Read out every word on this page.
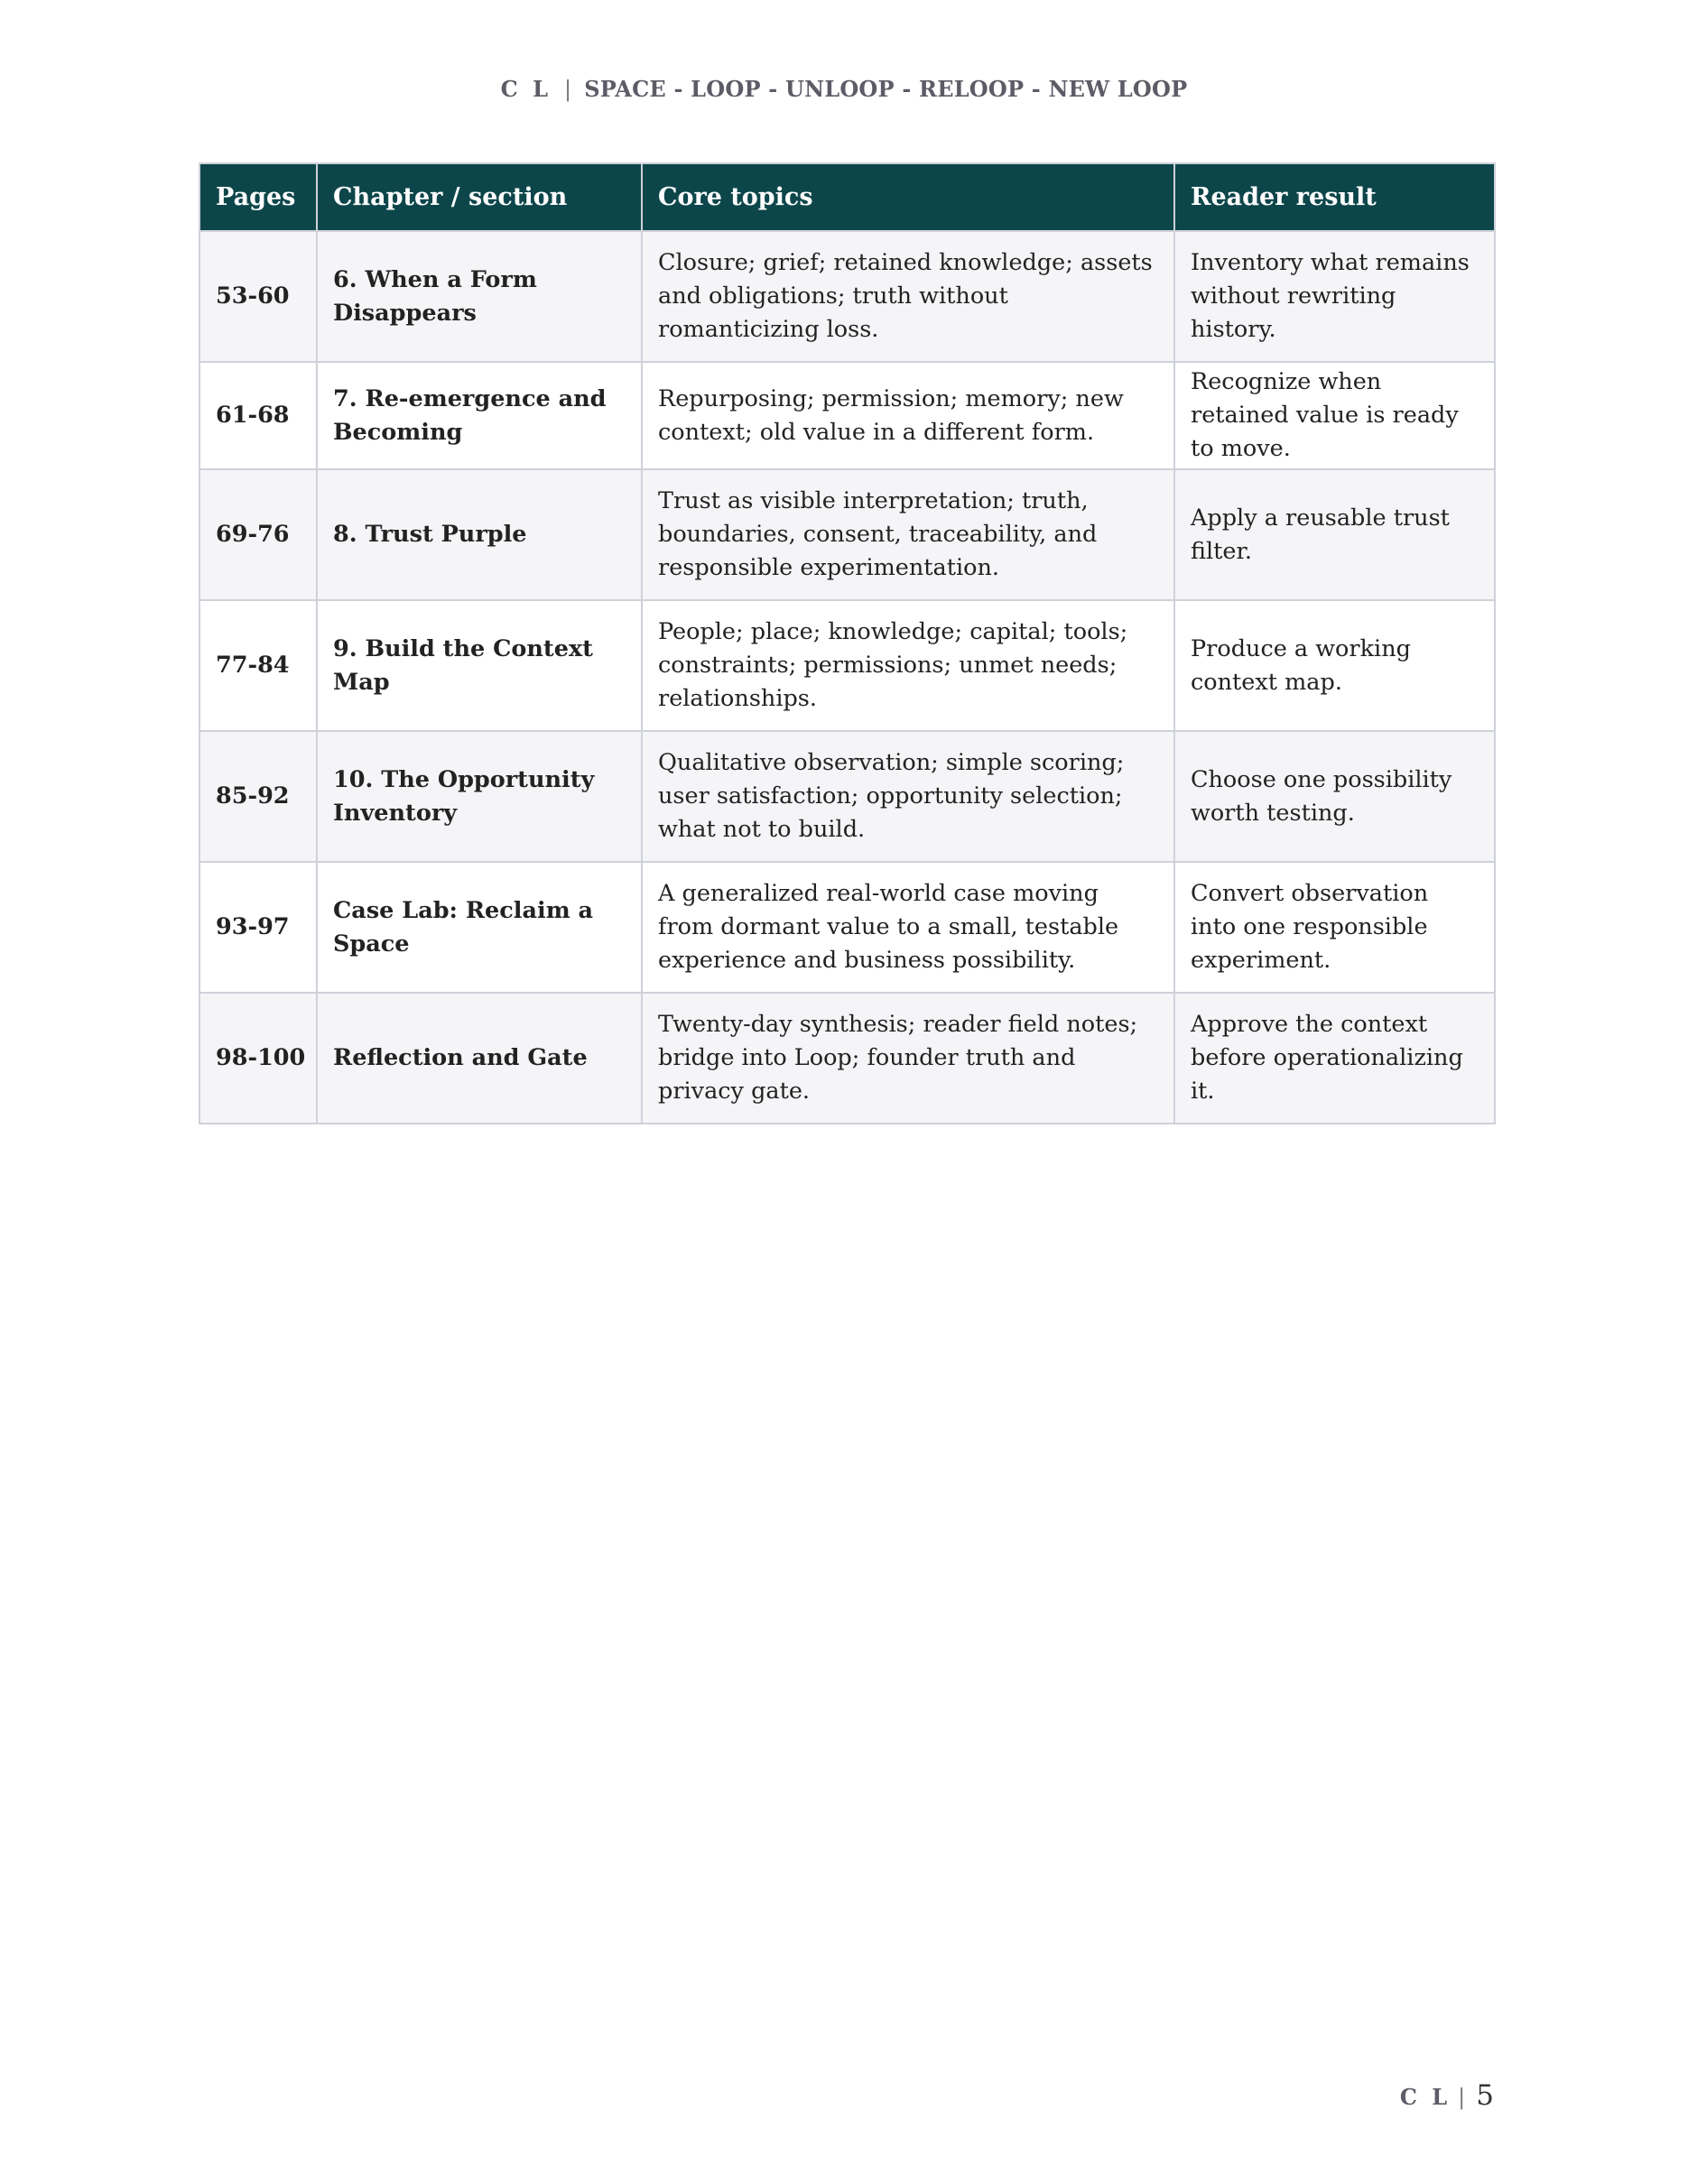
C L | SPACE - LOOP - UNLOOP - RELOOP - NEW LOOP
Pages	Chapter / section	Core topics	Reader result
53-60	6. When a Form Disappears	Closure; grief; retained knowledge; assets and obligations; truth without romanticizing loss.	Inventory what remains without rewriting history.
61-68	7. Re-emergence and Becoming	Repurposing; permission; memory; new context; old value in a different form.	Recognize when retained value is ready to move.
69-76	8. Trust Purple	Trust as visible interpretation; truth, boundaries, consent, traceability, and responsible experimentation.	Apply a reusable trust filter.
77-84	9. Build the Context Map	People; place; knowledge; capital; tools; constraints; permissions; unmet needs; relationships.	Produce a working context map.
85-92	10. The Opportunity Inventory	Qualitative observation; simple scoring; user satisfaction; opportunity selection; what not to build.	Choose one possibility worth testing.
93-97	Case Lab: Reclaim a Space	A generalized real-world case moving from dormant value to a small, testable experience and business possibility.	Convert observation into one responsible experiment.
98-100	Reflection and Gate	Twenty-day synthesis; reader field notes; bridge into Loop; founder truth and privacy gate.	Approve the context before operationalizing it.
C L | 5
